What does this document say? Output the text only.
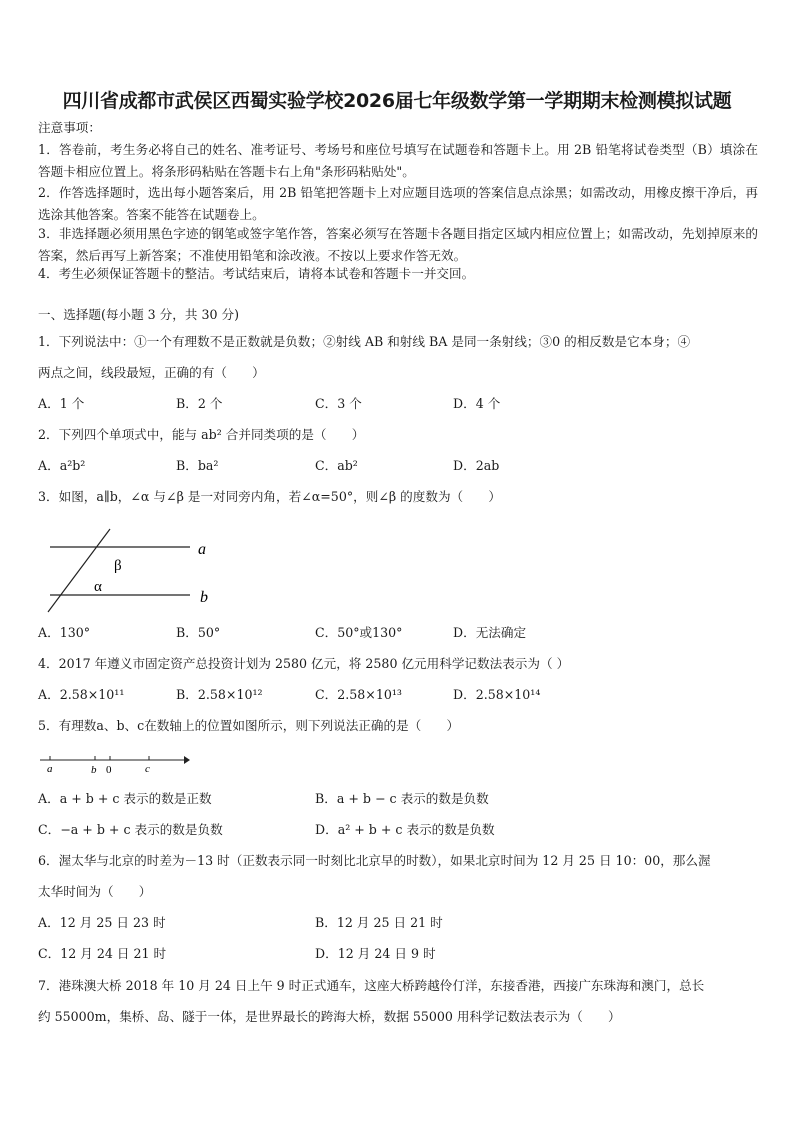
四川省成都市武侯区西蜀实验学校2026届七年级数学第一学期期末检测模拟试题
注意事项：
1．答卷前，考生务必将自己的姓名、准考证号、考场号和座位号填写在试题卷和答题卡上。用 2B 铅笔将试卷类型（B）填涂在答题卡相应位置上。将条形码粘贴在答题卡右上角"条形码粘贴处"。
2．作答选择题时，选出每小题答案后，用 2B 铅笔把答题卡上对应题目选项的答案信息点涂黑；如需改动，用橡皮擦干净后，再选涂其他答案。答案不能答在试题卷上。
3．非选择题必须用黑色字迹的钢笔或签字笔作答，答案必须写在答题卡各题目指定区域内相应位置上；如需改动，先划掉原来的答案，然后再写上新答案；不准使用铅笔和涂改液。不按以上要求作答无效。
4．考生必须保证答题卡的整洁。考试结束后，请将本试卷和答题卡一并交回。
一、选择题(每小题 3 分，共 30 分)
1．下列说法中：①一个有理数不是正数就是负数；②射线 AB 和射线 BA 是同一条射线；③0 的相反数是它本身；④
两点之间，线段最短，正确的有（　　）
A．1 个	B．2 个	C．3 个	D．4 个
2．下列四个单项式中，能与 ab² 合并同类项的是（　　）
A．a²b²	B．ba²	C．ab²	D．2ab
3．如图，a∥b，∠α 与∠β 是一对同旁内角，若∠α=50°，则∠β 的度数为（　　）
a
b
β
α
A．130°	B．50°	C．50°或130°	D．无法确定
4．2017 年遵义市固定资产总投资计划为 2580 亿元，将 2580 亿元用科学记数法表示为（ ）
A．2.58×10¹¹	B．2.58×10¹²	C．2.58×10¹³	D．2.58×10¹⁴
5．有理数a、b、c在数轴上的位置如图所示，则下列说法正确的是（　　）
a	b 0	c
A．a + b + c 表示的数是正数	B．a + b − c 表示的数是负数
C．−a + b + c 表示的数是负数	D．a² + b + c 表示的数是负数
6．渥太华与北京的时差为－13 时（正数表示同一时刻比北京早的时数），如果北京时间为 12 月 25 日 10：00，那么渥
太华时间为（　　）
A．12 月 25 日 23 时	B．12 月 25 日 21 时
C．12 月 24 日 21 时	D．12 月 24 日 9 时
7．港珠澳大桥 2018 年 10 月 24 日上午 9 时正式通车，这座大桥跨越伶仃洋，东接香港，西接广东珠海和澳门，总长
约 55000m，集桥、岛、隧于一体，是世界最长的跨海大桥，数据 55000 用科学记数法表示为（　　）
